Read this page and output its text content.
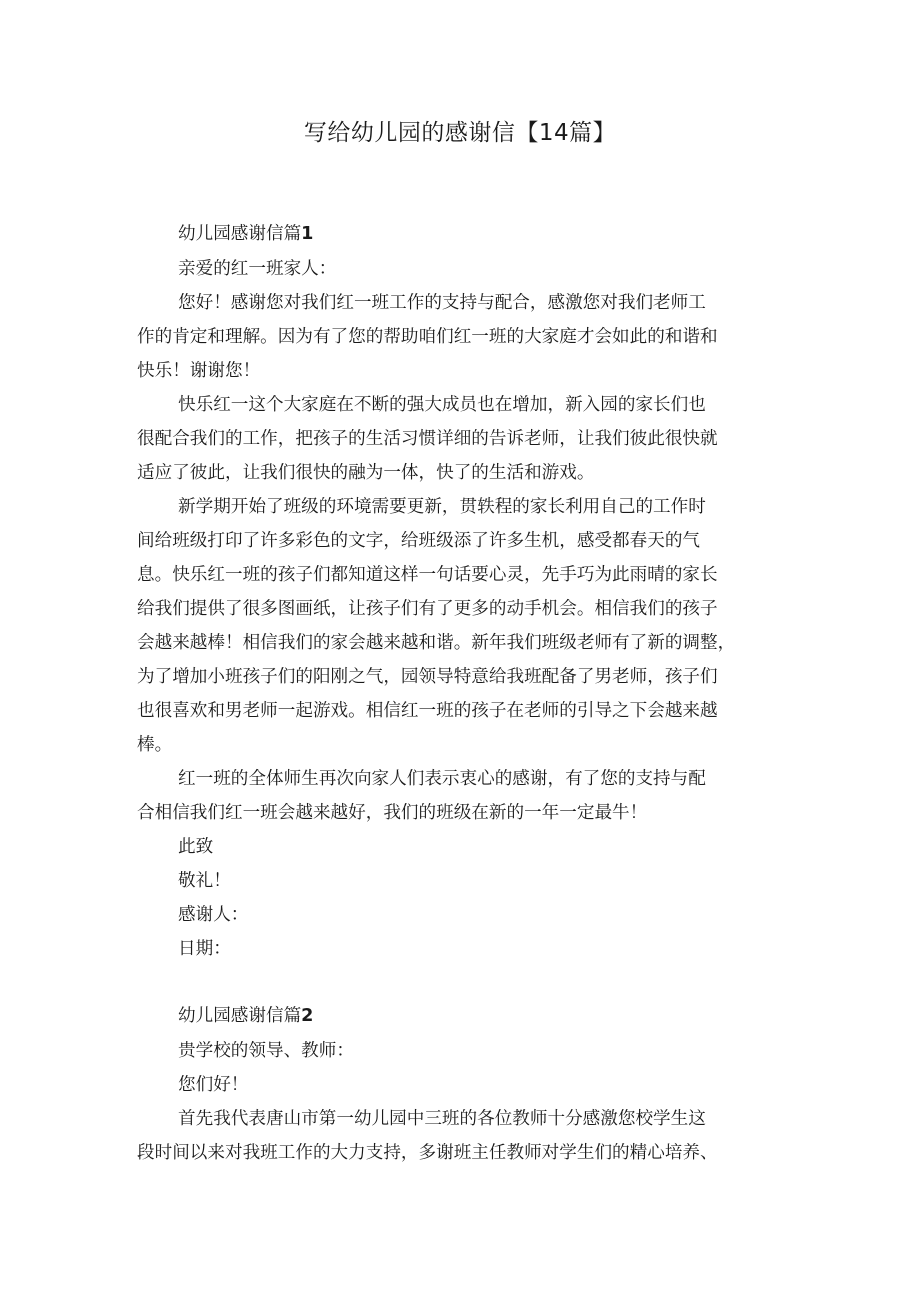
写给幼儿园的感谢信【14篇】

幼儿园感谢信篇1

亲爱的红一班家人：

您好！感谢您对我们红一班工作的支持与配合，感激您对我们老师工

作的肯定和理解。因为有了您的帮助咱们红一班的大家庭才会如此的和谐和

快乐！谢谢您！

快乐红一这个大家庭在不断的强大成员也在增加，新入园的家长们也

很配合我们的工作，把孩子的生活习惯详细的告诉老师，让我们彼此很快就

适应了彼此，让我们很快的融为一体，快了的生活和游戏。

新学期开始了班级的环境需要更新，贯轶程的家长利用自己的工作时

间给班级打印了许多彩色的文字，给班级添了许多生机，感受都春天的气

息。快乐红一班的孩子们都知道这样一句话要心灵，先手巧为此雨晴的家长

给我们提供了很多图画纸，让孩子们有了更多的动手机会。相信我们的孩子

会越来越棒！相信我们的家会越来越和谐。新年我们班级老师有了新的调整，

为了增加小班孩子们的阳刚之气，园领导特意给我班配备了男老师，孩子们

也很喜欢和男老师一起游戏。相信红一班的孩子在老师的引导之下会越来越

棒。

红一班的全体师生再次向家人们表示衷心的感谢，有了您的支持与配

合相信我们红一班会越来越好，我们的班级在新的一年一定最牛！

此致

敬礼！

感谢人：

日期：

幼儿园感谢信篇2

贵学校的领导、教师：

您们好！

首先我代表唐山市第一幼儿园中三班的各位教师十分感激您校学生这

段时间以来对我班工作的大力支持，多谢班主任教师对学生们的精心培养、
